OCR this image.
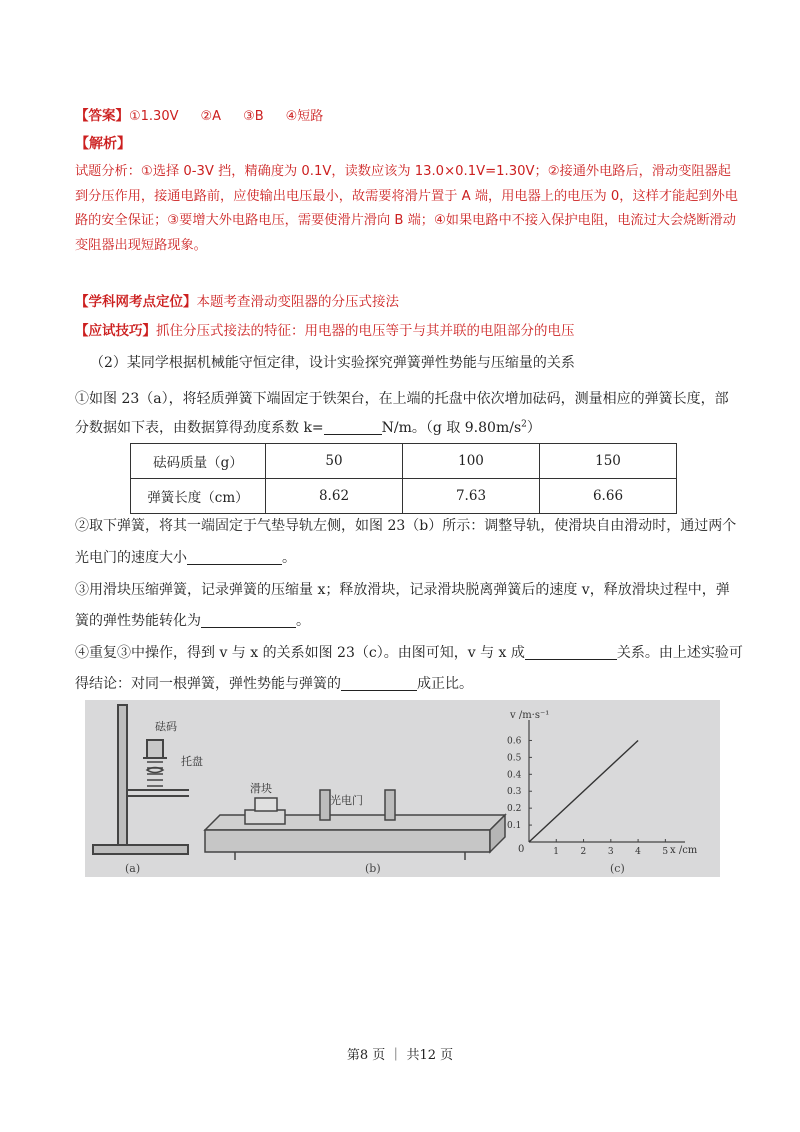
【答案】①1.30V ②A ③B ④短路
【解析】
试题分析：①选择 0-3V 挡，精确度为 0.1V，读数应该为 13.0×0.1V=1.30V；②接通外电路后，滑动变阻器起到分压作用，接通电路前，应使输出电压最小，故需要将滑片置于 A 端，用电器上的电压为 0，这样才能起到外电路的安全保证；③要增大外电路电压，需要使滑片滑向 B 端；④如果电路中不接入保护电阻，电流过大会烧断滑动变阻器出现短路现象。
【学科网考点定位】本题考查滑动变阻器的分压式接法
【应试技巧】抓住分压式接法的特征：用电器的电压等于与其并联的电阻部分的电压
（2）某同学根据机械能守恒定律，设计实验探究弹簧弹性势能与压缩量的关系
①如图 23（a），将轻质弹簧下端固定于铁架台，在上端的托盘中依次增加砝码，测量相应的弹簧长度，部
分数据如下表，由数据算得劲度系数 k=	N/m。（g 取 $9.80m/s^2$）
砝码质量（g）	50	100	150
弹簧长度（cm）	8.62	7.63	6.66
②取下弹簧，将其一端固定于气垫导轨左侧，如图 23（b）所示：调整导轨，使滑块自由滑动时，通过两个
光电门的速度大小	。
③用滑块压缩弹簧，记录弹簧的压缩量 x；释放滑块，记录滑块脱离弹簧后的速度 v，释放滑块过程中，弹
簧的弹性势能转化为	。
④重复③中操作，得到 v 与 x 的关系如图 23（c）。由图可知，v 与 x 成	关系。由上述实验可
得结论：对同一根弹簧，弹性势能与弹簧的	成正比。
砝码
托盘
(a)
滑块
光电门
(b)
0.1
0.2
0.3
0.4
0.5
0.6
1 2 3 4 5
v /m·s⁻¹
x /cm
0
(c)
第8 页 ｜ 共12 页
